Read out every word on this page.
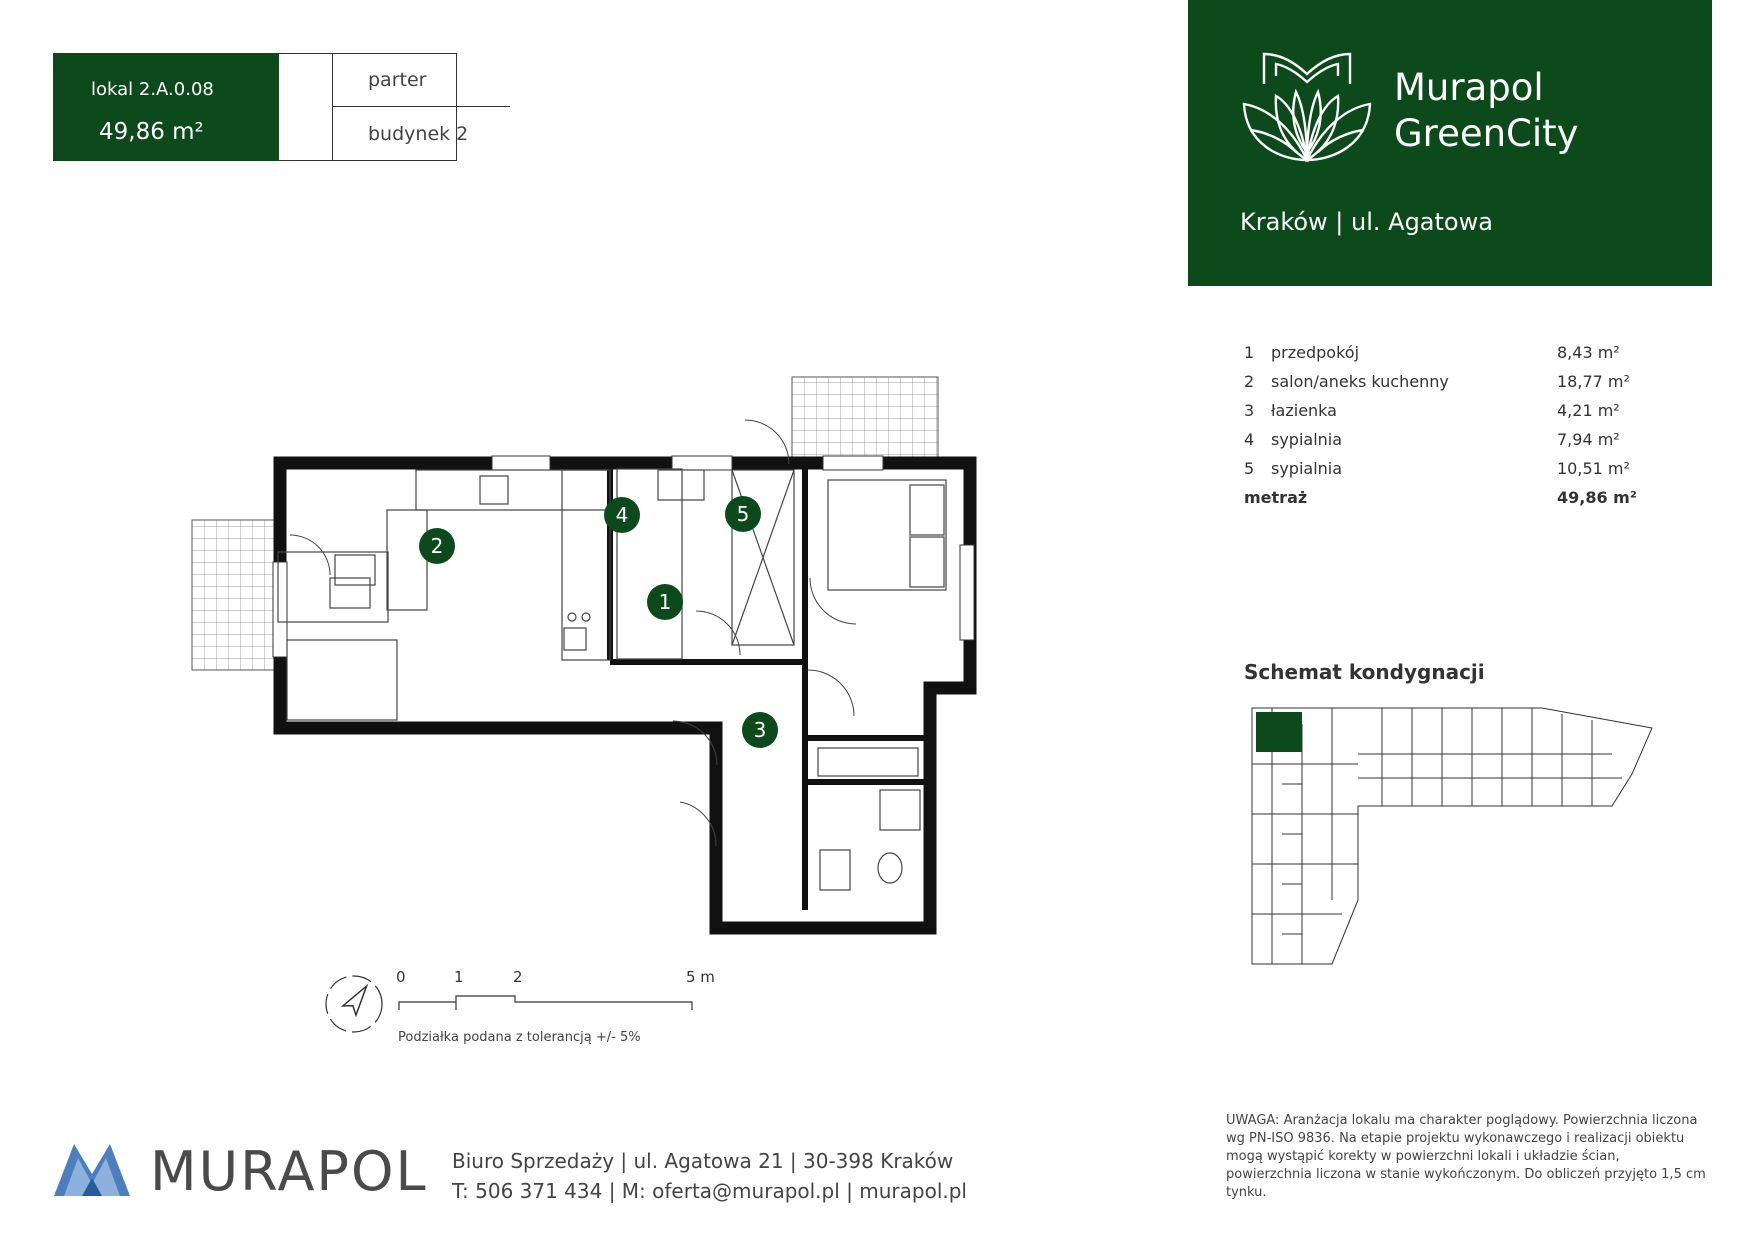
lokal 2.A.0.08
49,86 m²
parter
budynek 2
Murapol
GreenCity
Kraków | ul. Agatowa
1 przedpokój	8,43 m²
2 salon/aneks kuchenny	18,77 m²
3 łazienka	4,21 m²
4 sypialnia	7,94 m²
5 sypialnia	10,51 m²
metraż	49,86 m²
2
1
3
4	5
0	1	2	5 m
Podziałka podana z tolerancją +/- 5%
Schemat kondygnacji
UWAGA: Aranżacja lokalu ma charakter poglądowy. Powierzchnia liczona wg PN-ISO 9836. Na etapie projektu wykonawczego i realizacji obiektu mogą wystąpić korekty w powierzchni lokali i układzie ścian, powierzchnia liczona w stanie wykończonym. Do obliczeń przyjęto 1,5 cm tynku.
MURAPOL Biuro Sprzedaży | ul. Agatowa 21 | 30-398 Kraków
T: 506 371 434 | M: oferta@murapol.pl | murapol.pl
